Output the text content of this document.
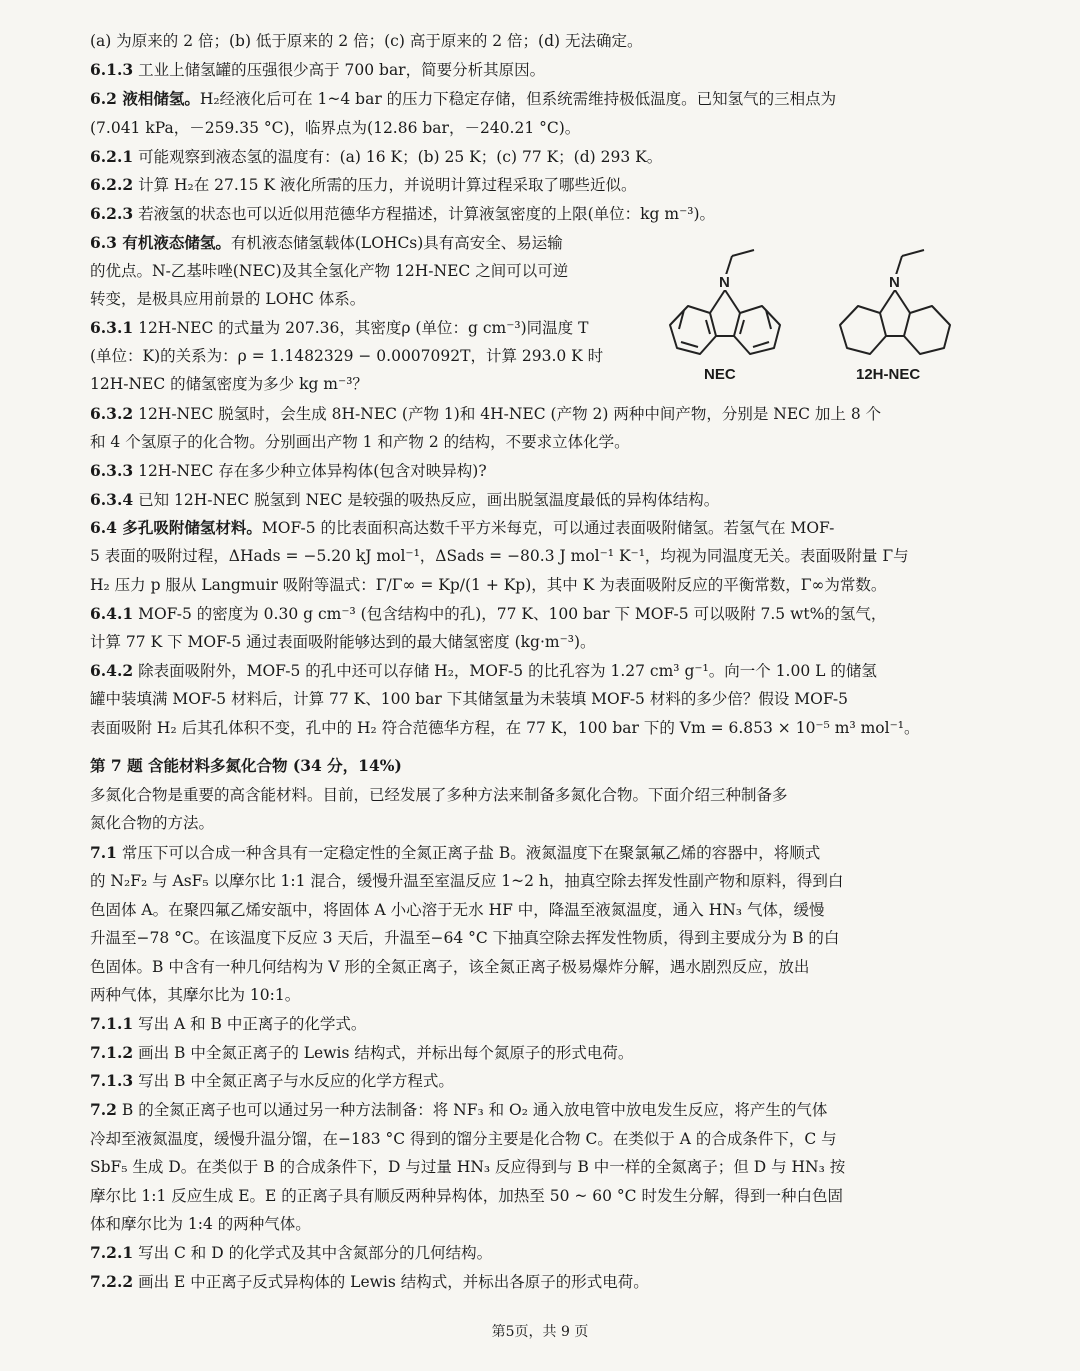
(a) 为原来的 2 倍；(b) 低于原来的 2 倍；(c) 高于原来的 2 倍；(d) 无法确定。
6.1.3 工业上储氢罐的压强很少高于 700 bar，简要分析其原因。
6.2 液相储氢。H₂经液化后可在 1~4 bar 的压力下稳定存储，但系统需维持极低温度。已知氢气的三相点为
(7.041 kPa，－259.35 °C)，临界点为(12.86 bar，－240.21 °C)。
6.2.1 可能观察到液态氢的温度有：(a) 16 K；(b) 25 K；(c) 77 K；(d) 293 K。
6.2.2 计算 H₂在 27.15 K 液化所需的压力，并说明计算过程采取了哪些近似。
6.2.3 若液氢的状态也可以近似用范德华方程描述，计算液氢密度的上限(单位：kg m⁻³)。
6.3 有机液态储氢。有机液态储氢载体(LOHCs)具有高安全、易运输
的优点。N-乙基咔唑(NEC)及其全氢化产物 12H-NEC 之间可以可逆
转变，是极具应用前景的 LOHC 体系。
6.3.1 12H-NEC 的式量为 207.36，其密度ρ (单位：g cm⁻³)同温度 T
(单位：K)的关系为：ρ = 1.1482329 − 0.0007092T，计算 293.0 K 时
12H-NEC 的储氢密度为多少 kg m⁻³？
6.3.2 12H-NEC 脱氢时，会生成 8H-NEC (产物 1)和 4H-NEC (产物 2) 两种中间产物，分别是 NEC 加上 8 个
和 4 个氢原子的化合物。分别画出产物 1 和产物 2 的结构，不要求立体化学。
6.3.3 12H-NEC 存在多少种立体异构体(包含对映异构)?
6.3.4 已知 12H-NEC 脱氢到 NEC 是较强的吸热反应，画出脱氢温度最低的异构体结构。
6.4 多孔吸附储氢材料。MOF-5 的比表面积高达数千平方米每克，可以通过表面吸附储氢。若氢气在 MOF-
5 表面的吸附过程，ΔHads = −5.20 kJ mol⁻¹，ΔSads = −80.3 J mol⁻¹ K⁻¹，均视为同温度无关。表面吸附量 Γ与
H₂ 压力 p 服从 Langmuir 吸附等温式：Γ/Γ∞ = Kp/(1 + Kp)，其中 K 为表面吸附反应的平衡常数，Γ∞为常数。
6.4.1 MOF-5 的密度为 0.30 g cm⁻³ (包含结构中的孔)，77 K、100 bar 下 MOF-5 可以吸附 7.5 wt%的氢气，
计算 77 K 下 MOF-5 通过表面吸附能够达到的最大储氢密度 (kg·m⁻³)。
6.4.2 除表面吸附外，MOF-5 的孔中还可以存储 H₂，MOF-5 的比孔容为 1.27 cm³ g⁻¹。向一个 1.00 L 的储氢
罐中装填满 MOF-5 材料后，计算 77 K、100 bar 下其储氢量为未装填 MOF-5 材料的多少倍？假设 MOF-5
表面吸附 H₂ 后其孔体积不变，孔中的 H₂ 符合范德华方程，在 77 K，100 bar 下的 Vm = 6.853 × 10⁻⁵ m³ mol⁻¹。
第 7 题 含能材料多氮化合物 (34 分，14%)
多氮化合物是重要的高含能材料。目前，已经发展了多种方法来制备多氮化合物。下面介绍三种制备多
氮化合物的方法。
7.1 常压下可以合成一种含具有一定稳定性的全氮正离子盐 B。液氮温度下在聚氯氟乙烯的容器中，将顺式
的 N₂F₂ 与 AsF₅ 以摩尔比 1:1 混合，缓慢升温至室温反应 1~2 h，抽真空除去挥发性副产物和原料，得到白
色固体 A。在聚四氟乙烯安瓿中，将固体 A 小心溶于无水 HF 中，降温至液氮温度，通入 HN₃ 气体，缓慢
升温至−78 °C。在该温度下反应 3 天后，升温至−64 °C 下抽真空除去挥发性物质，得到主要成分为 B 的白
色固体。B 中含有一种几何结构为 V 形的全氮正离子，该全氮正离子极易爆炸分解，遇水剧烈反应，放出
两种气体，其摩尔比为 10:1。
7.1.1 写出 A 和 B 中正离子的化学式。
7.1.2 画出 B 中全氮正离子的 Lewis 结构式，并标出每个氮原子的形式电荷。
7.1.3 写出 B 中全氮正离子与水反应的化学方程式。
7.2 B 的全氮正离子也可以通过另一种方法制备：将 NF₃ 和 O₂ 通入放电管中放电发生反应，将产生的气体
冷却至液氮温度，缓慢升温分馏，在−183 °C 得到的馏分主要是化合物 C。在类似于 A 的合成条件下，C 与
SbF₅ 生成 D。在类似于 B 的合成条件下，D 与过量 HN₃ 反应得到与 B 中一样的全氮离子；但 D 与 HN₃ 按
摩尔比 1:1 反应生成 E。E 的正离子具有顺反两种异构体，加热至 50 ~ 60 °C 时发生分解，得到一种白色固
体和摩尔比为 1:4 的两种气体。
7.2.1 写出 C 和 D 的化学式及其中含氮部分的几何结构。
7.2.2 画出 E 中正离子反式异构体的 Lewis 结构式，并标出各原子的形式电荷。
N
NEC
N
12H-NEC
第5页，共 9 页
